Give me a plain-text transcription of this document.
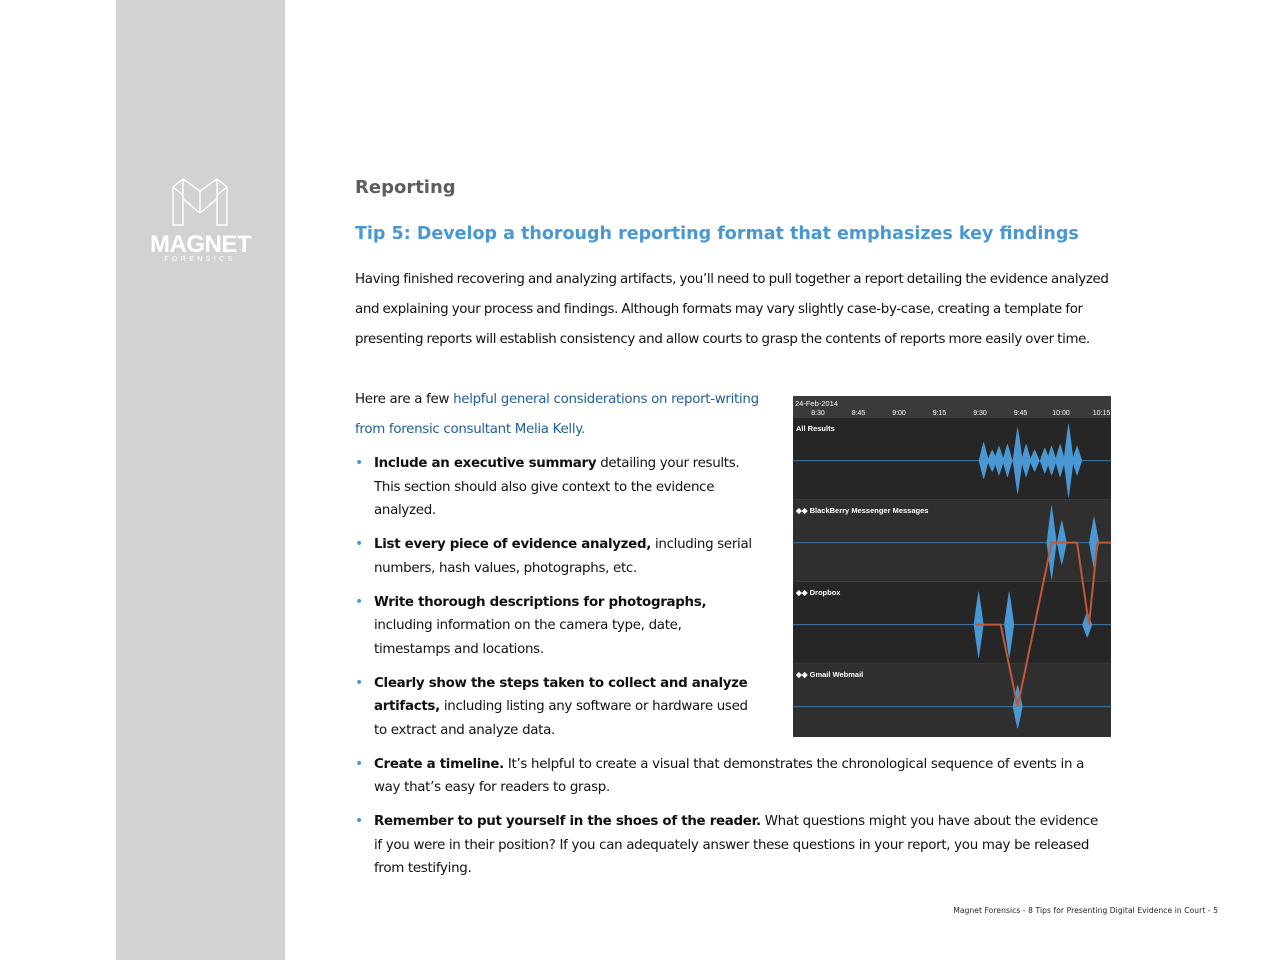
MAGNET
FORENSICS
Reporting
Tip 5: Develop a thorough reporting format that emphasizes key findings
Having finished recovering and analyzing artifacts, you’ll need to pull together a report detailing the evidence analyzed and explaining your process and findings. Although formats may vary slightly case-by-case, creating a template for presenting reports will establish consistency and allow courts to grasp the contents of reports more easily over time.
Here are a few helpful general considerations on report-writing from forensic consultant Melia Kelly.
• Include an executive summary detailing your results. This section should also give context to the evidence analyzed.
• List every piece of evidence analyzed, including serial numbers, hash values, photographs, etc.
• Write thorough descriptions for photographs, including information on the camera type, date, timestamps and locations.
• Clearly show the steps taken to collect and analyze artifacts, including listing any software or hardware used to extract and analyze data.
• Create a timeline. It’s helpful to create a visual that demonstrates the chronological sequence of events in a way that’s easy for readers to grasp.
• Remember to put yourself in the shoes of the reader. What questions might you have about the evidence if you were in their position? If you can adequately answer these questions in your report, you may be released from testifying.
24-Feb-2014
8:30	8:45	9:00	9:15	9:30	9:45	10:00	10:15
All Results
◆◆ BlackBerry Messenger Messages
◆◆ Dropbox
◆◆ Gmail Webmail
Magnet Forensics - 8 Tips for Presenting Digital Evidence in Court - 5
